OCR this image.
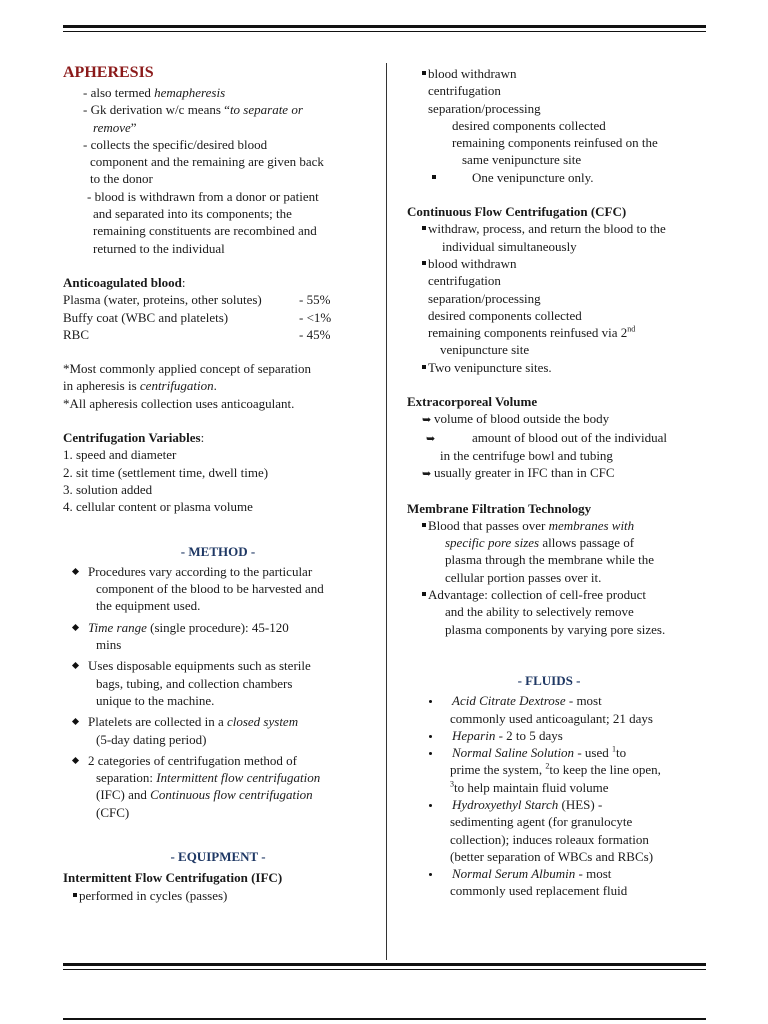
APHERESIS
- also termed hemapheresis
- Gk derivation w/c means “to separate or
remove”
- collects the specific/desired blood
component and the remaining are given back
to the donor
- blood is withdrawn from a donor or patient
and separated into its components; the
remaining constituents are recombined and
returned to the individual
Anticoagulated blood:
Plasma (water, proteins, other solutes)	- 55%
Buffy coat (WBC and platelets)	- <1%
RBC	- 45%
*Most commonly applied concept of separation
in apheresis is centrifugation.
*All apheresis collection uses anticoagulant.
Centrifugation Variables:
1. speed and diameter
2. sit time (settlement time, dwell time)
3. solution added
4. cellular content or plasma volume
- METHOD -
Procedures vary according to the particular
component of the blood to be harvested and
the equipment used.
Time range (single procedure): 45-120
mins
Uses disposable equipments such as sterile
bags, tubing, and collection chambers
unique to the machine.
Platelets are collected in a closed system
(5-day dating period)
2 categories of centrifugation method of
separation: Intermittent flow centrifugation
(IFC) and Continuous flow centrifugation
(CFC)
- EQUIPMENT -
Intermittent Flow Centrifugation (IFC)
performed in cycles (passes)
blood withdrawn
centrifugation
separation/processing
desired components collected
remaining components reinfused on the
same venipuncture site
One venipuncture only.
Continuous Flow Centrifugation (CFC)
withdraw, process, and return the blood to the
individual simultaneously
blood withdrawn
centrifugation
separation/processing
desired components collected
remaining components reinfused via 2nd
venipuncture site
Two venipuncture sites.
Extracorporeal Volume
➥ volume of blood outside the body
➥	amount of blood out of the individual
in the centrifuge bowl and tubing
➥ usually greater in IFC than in CFC
Membrane Filtration Technology
Blood that passes over membranes with
specific pore sizes allows passage of
plasma through the membrane while the
cellular portion passes over it.
Advantage: collection of cell-free product
and the ability to selectively remove
plasma components by varying pore sizes.
- FLUIDS -
Acid Citrate Dextrose - most
commonly used anticoagulant; 21 days
Heparin - 2 to 5 days
Normal Saline Solution - used $^1$to
prime the system, $^2$to keep the line open,
$^3$to help maintain fluid volume
Hydroxyethyl Starch (HES) -
sedimenting agent (for granulocyte
collection); induces roleaux formation
(better separation of WBCs and RBCs)
Normal Serum Albumin - most
commonly used replacement fluid
